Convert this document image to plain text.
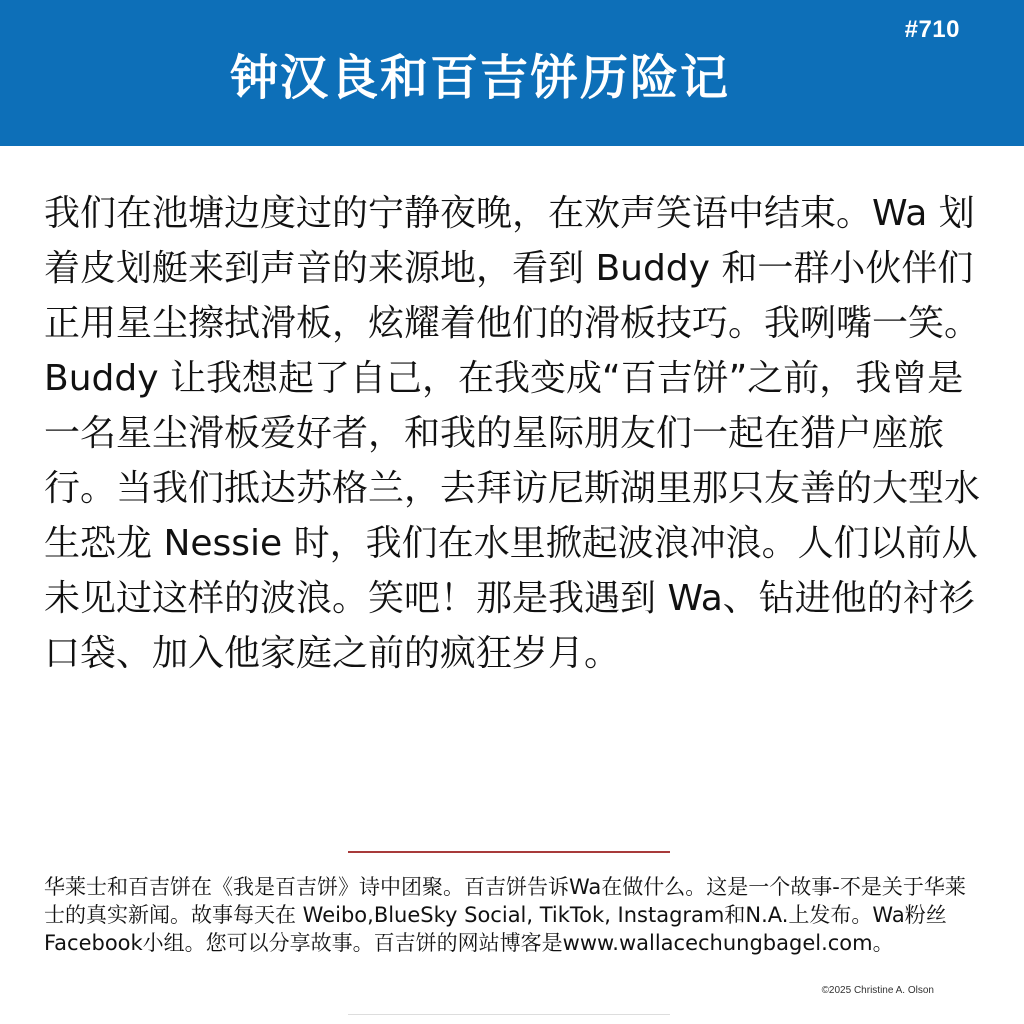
#710
钟汉良和百吉饼历险记

我们在池塘边度过的宁静夜晚，在欢声笑语中结束。Wa 划着皮划艇来到声音的来源地，看到 Buddy 和一群小伙伴们正用星尘擦拭滑板，炫耀着他们的滑板技巧。我咧嘴一笑。Buddy 让我想起了自己，在我变成“百吉饼”之前，我曾是一名星尘滑板爱好者，和我的星际朋友们一起在猎户座旅行。当我们抵达苏格兰，去拜访尼斯湖里那只友善的大型水生恐龙 Nessie 时，我们在水里掀起波浪冲浪。人们以前从未见过这样的波浪。笑吧！那是我遇到 Wa、钻进他的衬衫口袋、加入他家庭之前的疯狂岁月。

华莱士和百吉饼在《我是百吉饼》诗中团聚。百吉饼告诉Wa在做什么。这是一个故事-不是关于华莱士的真实新闻。故事每天在 Weibo,BlueSky Social, TikTok, Instagram和N.A.上发布。Wa粉丝Facebook小组。您可以分享故事。百吉饼的网站博客是www.wallacechungbagel.com。

©2025 Christine A. Olson
